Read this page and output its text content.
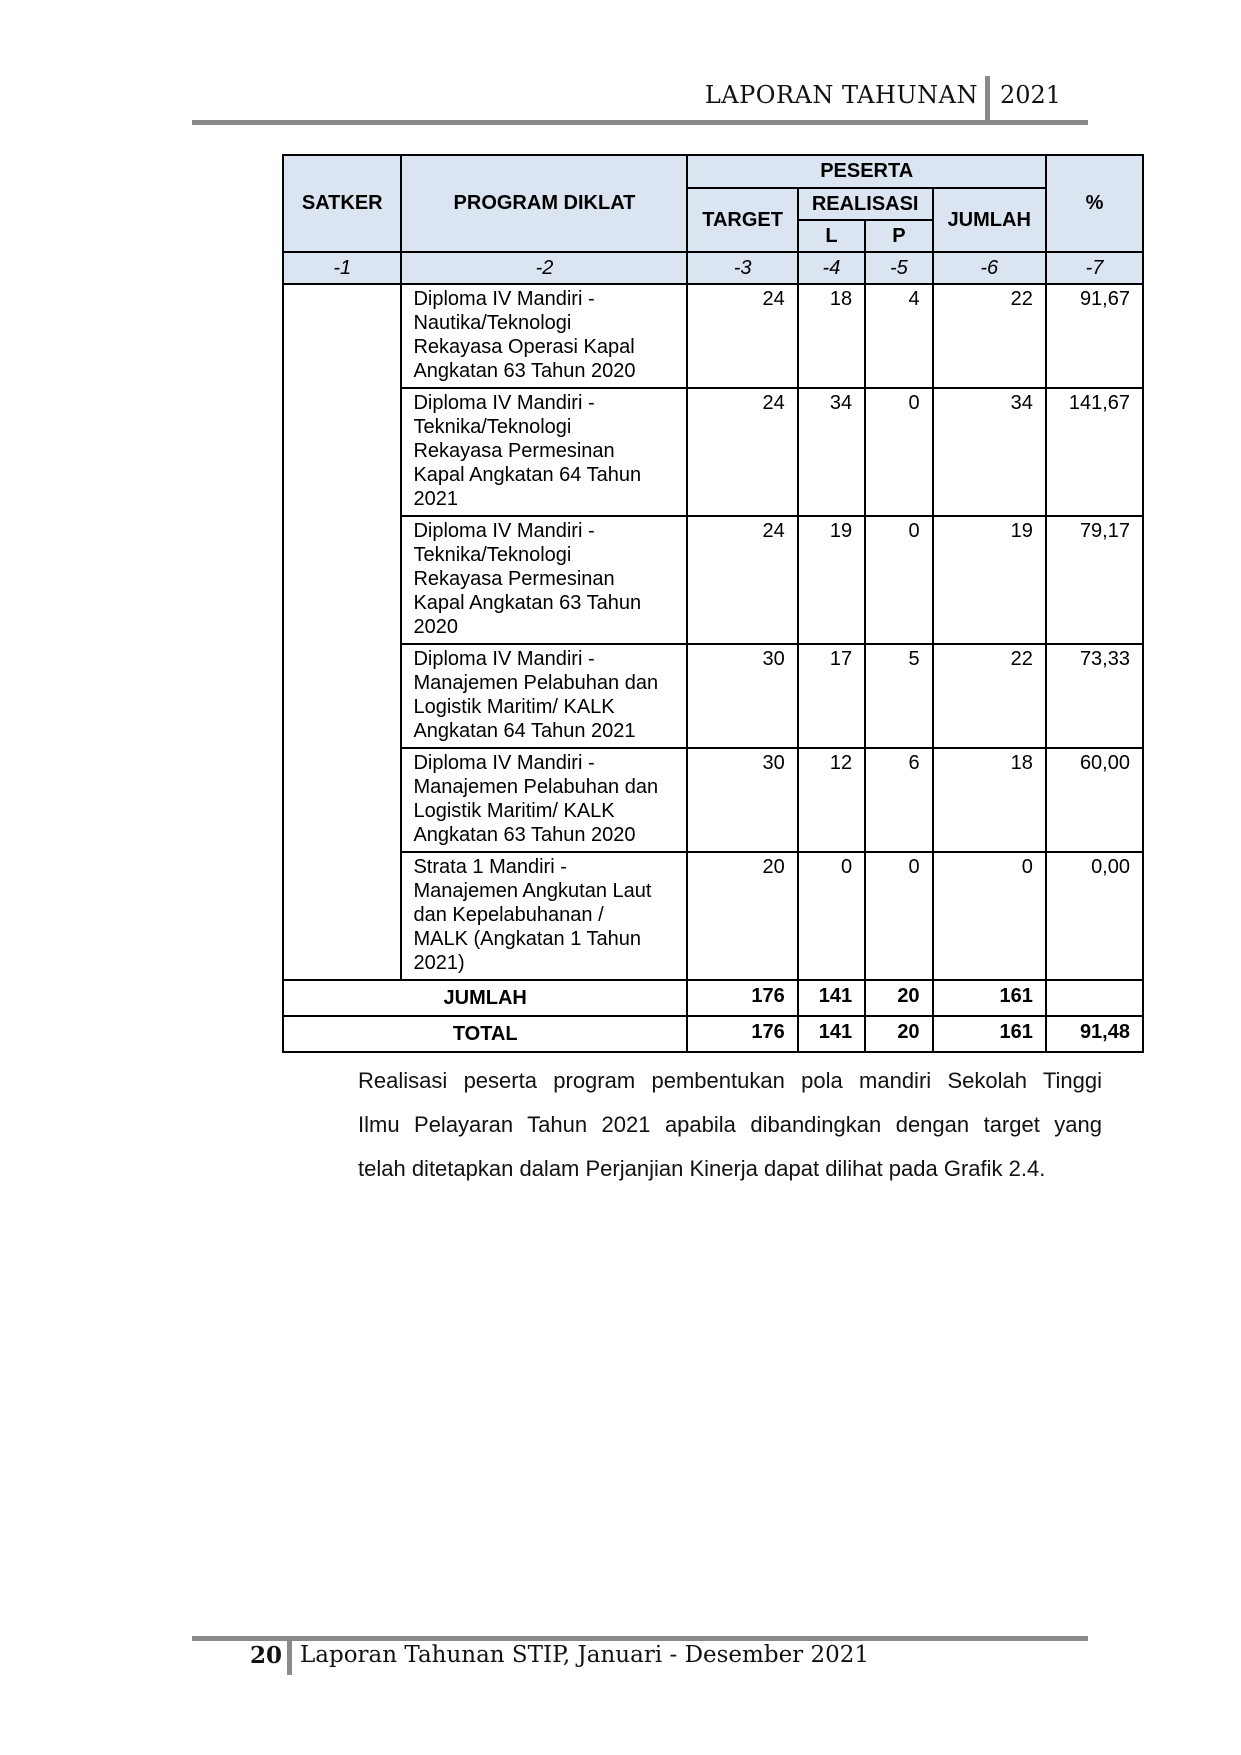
LAPORAN TAHUNAN 2021
SATKER	PROGRAM DIKLAT	PESERTA				%
		TARGET	REALISASI		JUMLAH	
			L	P		
-1	-2	-3	-4	-5	-6	-7

	Diploma IV Mandiri -
Nautika/Teknologi
Rekayasa Operasi Kapal
Angkatan 63 Tahun 2020	24	18	4	22	91,67

	Diploma IV Mandiri -
Teknika/Teknologi
Rekayasa Permesinan
Kapal Angkatan 64 Tahun
2021	24	34	0	34	141,67

	Diploma IV Mandiri -
Teknika/Teknologi
Rekayasa Permesinan
Kapal Angkatan 63 Tahun
2020	24	19	0	19	79,17

	Diploma IV Mandiri -
Manajemen Pelabuhan dan
Logistik Maritim/ KALK
Angkatan 64 Tahun 2021	30	17	5	22	73,33

	Diploma IV Mandiri -
Manajemen Pelabuhan dan
Logistik Maritim/ KALK
Angkatan 63 Tahun 2020	30	12	6	18	60,00

	Strata 1 Mandiri -
Manajemen Angkutan Laut
dan Kepelabuhanan /
MALK (Angkatan 1 Tahun
2021)	20	0	0	0	0,00
JUMLAH		176	141	20	161	
TOTAL		176	141	20	161	91,48
Realisasi peserta program pembentukan pola mandiri Sekolah Tinggi
Ilmu Pelayaran Tahun 2021 apabila dibandingkan dengan target yang
telah ditetapkan dalam Perjanjian Kinerja dapat dilihat pada Grafik 2.4.
20 Laporan Tahunan STIP, Januari - Desember 2021
